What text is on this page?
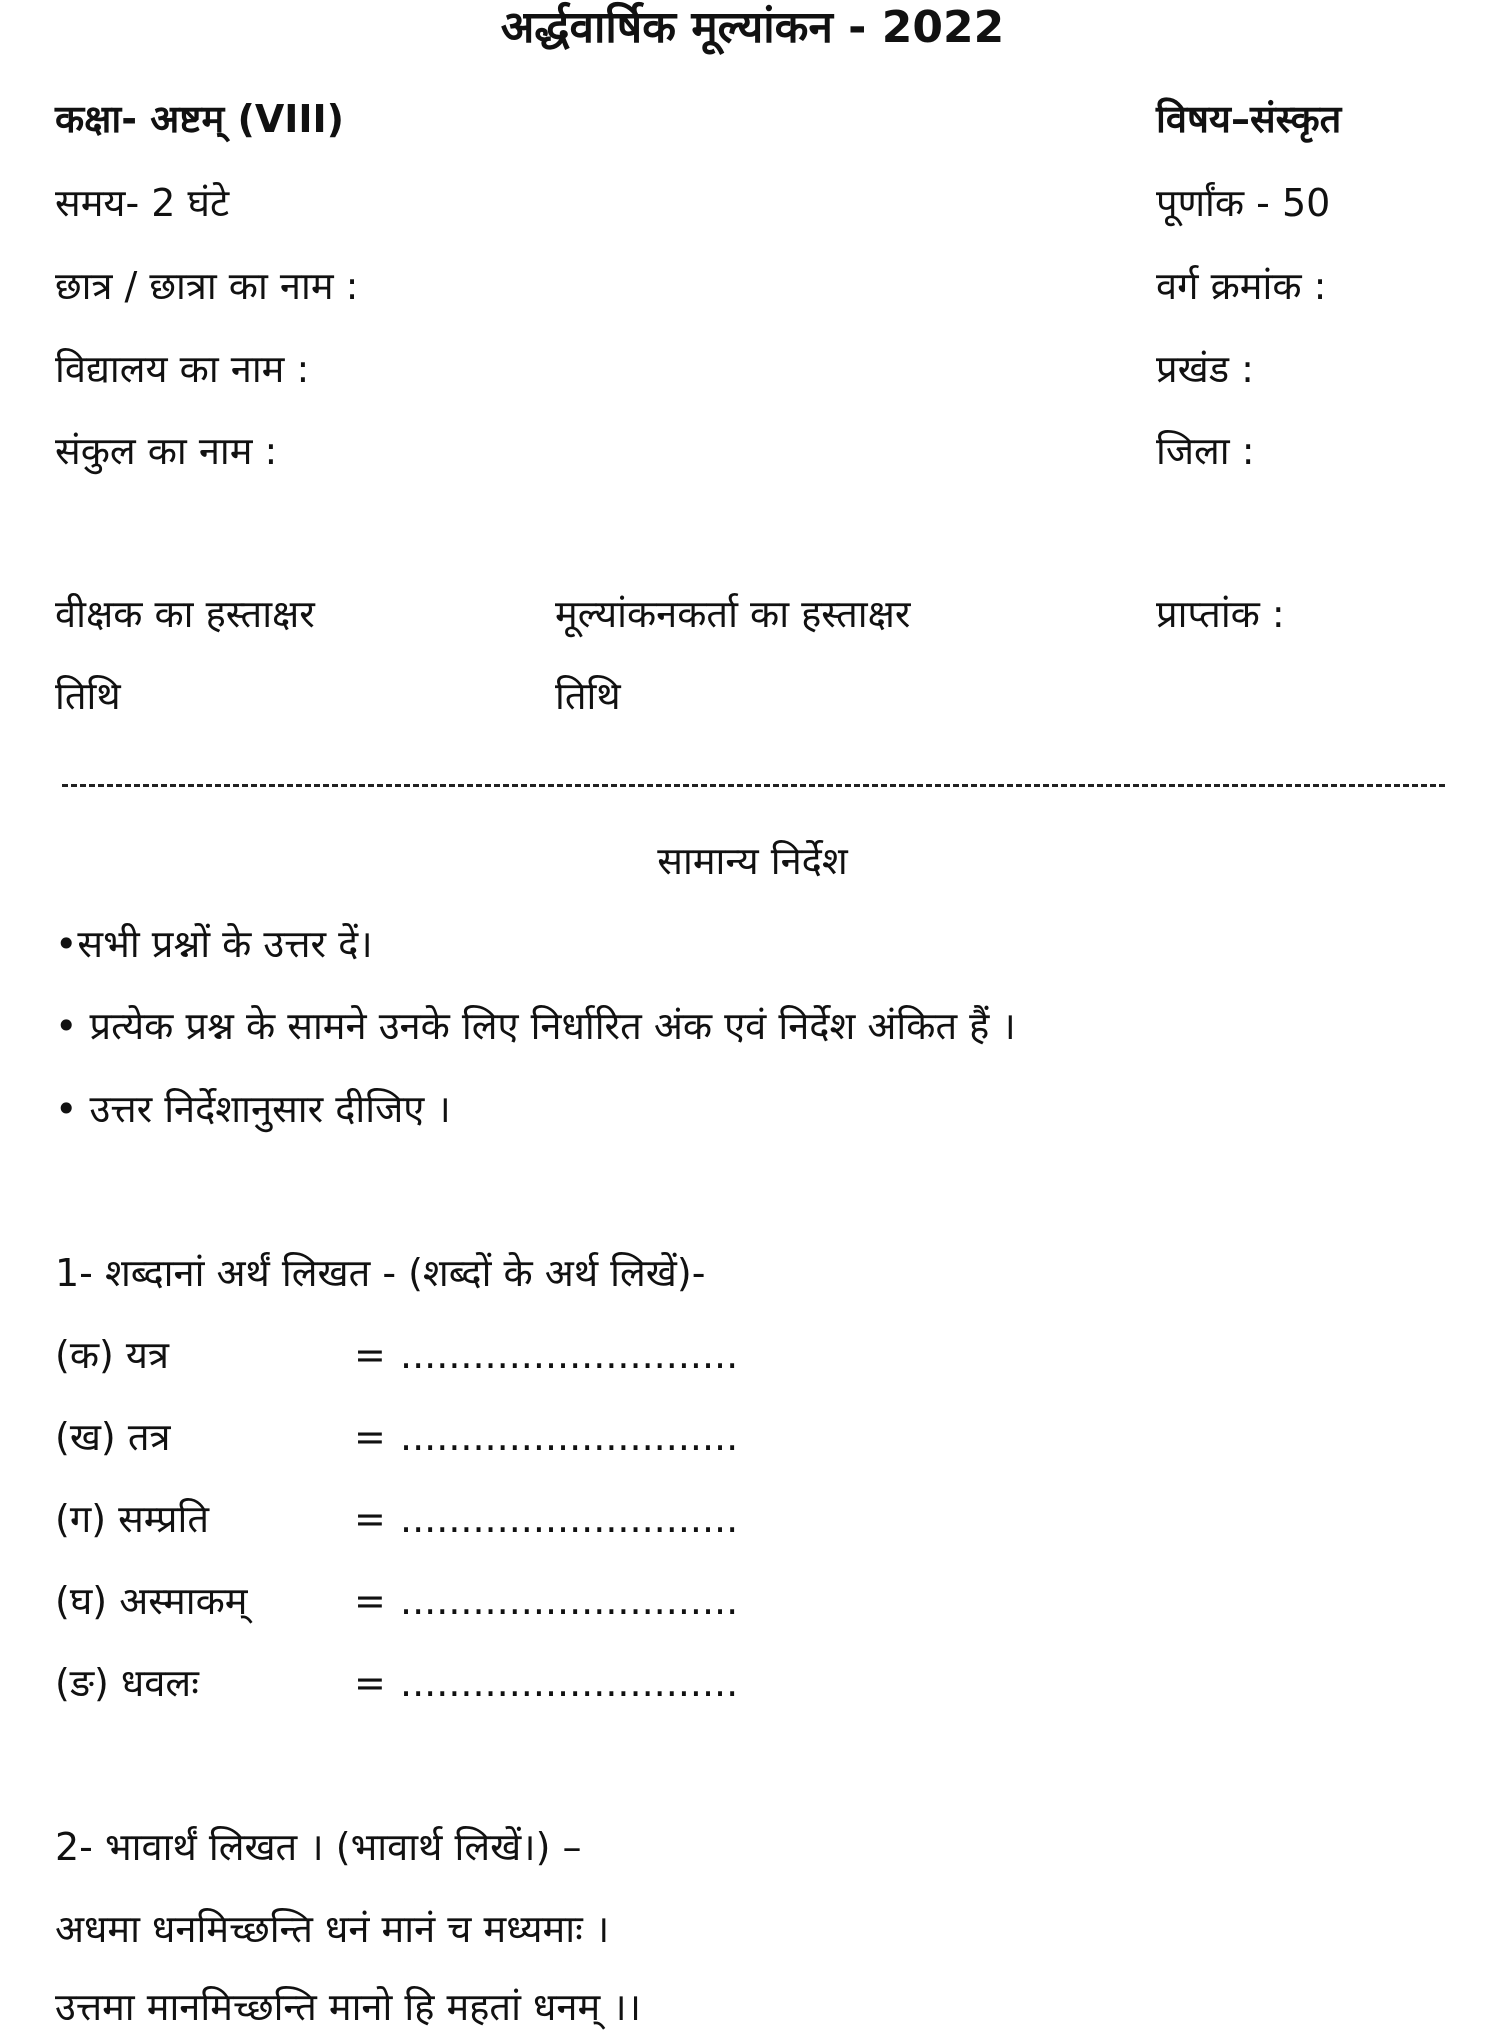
अर्द्धवार्षिक मूल्यांकन - 2022
कक्षा- अष्टम् (VIII)	विषय–संस्कृत
समय- 2 घंटे	पूर्णांक - 50
छात्र / छात्रा का नाम :	वर्ग क्रमांक :
विद्यालय का नाम :	प्रखंड :
संकुल का नाम :	जिला :
वीक्षक का हस्ताक्षर	मूल्यांकनकर्ता का हस्ताक्षर	प्राप्तांक :
तिथि	तिथि
सामान्य निर्देश
•सभी प्रश्नों के उत्तर दें।
• प्रत्येक प्रश्न के सामने उनके लिए निर्धारित अंक एवं निर्देश अंकित हैं ।
• उत्तर निर्देशानुसार दीजिए ।
1- शब्दानां अर्थं लिखत - (शब्दों के अर्थ लिखें)-
(क) यत्र	= ............................
(ख) तत्र	= ............................
(ग) सम्प्रति	= ............................
(घ) अस्माकम्	= ............................
(ङ) धवलः	= ............................
2- भावार्थं लिखत । (भावार्थ लिखें।) –
अधमा धनमिच्छन्ति धनं मानं च मध्यमाः ।
उत्तमा मानमिच्छन्ति मानो हि महतां धनम् ।।
